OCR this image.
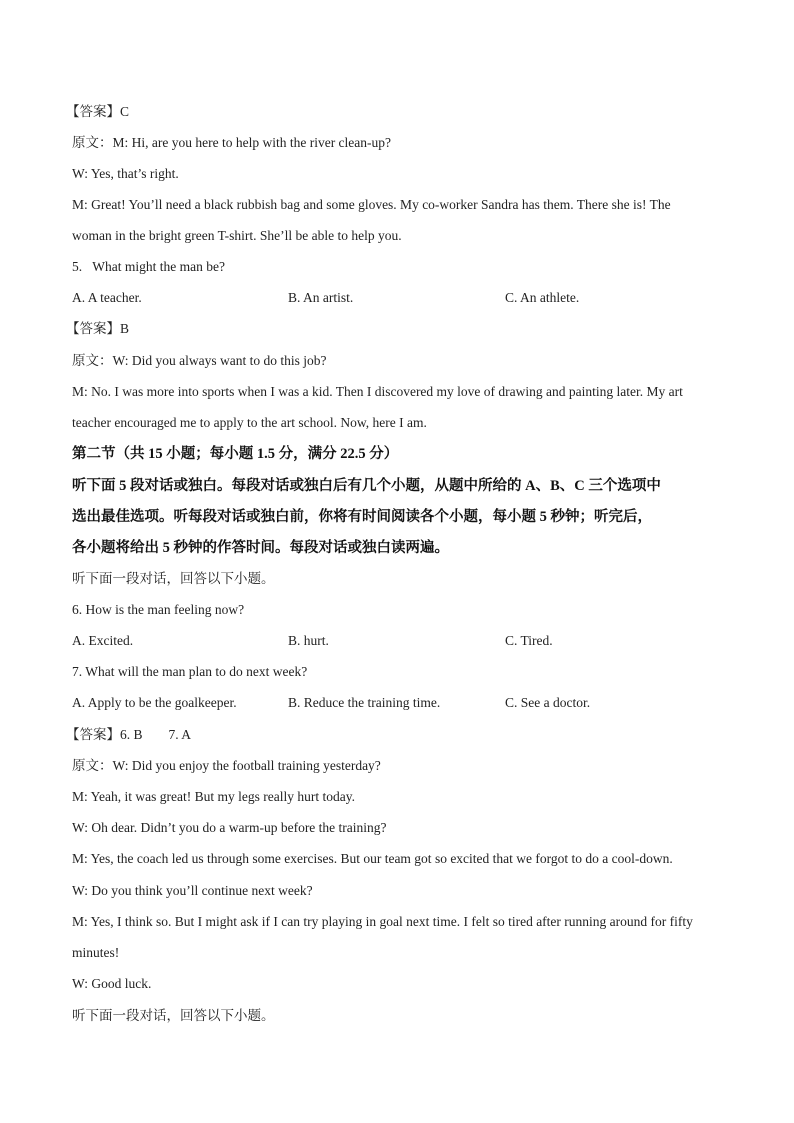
【答案】C
原文：M: Hi, are you here to help with the river clean-up?
W: Yes, that’s right.
M: Great! You’ll need a black rubbish bag and some gloves. My co-worker Sandra has them. There she is! The
woman in the bright green T-shirt. She’ll be able to help you.
5.   What might the man be?
A. A teacher.	B. An artist.	C. An athlete.
【答案】B
原文：W: Did you always want to do this job?
M: No. I was more into sports when I was a kid. Then I discovered my love of drawing and painting later. My art
teacher encouraged me to apply to the art school. Now, here I am.
第二节（共 15 小题；每小题 1.5 分，满分 22.5 分）
听下面 5 段对话或独白。每段对话或独白后有几个小题，从题中所给的 A、B、C 三个选项中
选出最佳选项。听每段对话或独白前，你将有时间阅读各个小题，每小题 5 秒钟；听完后，
各小题将给出 5 秒钟的作答时间。每段对话或独白读两遍。
听下面一段对话，回答以下小题。
6. How is the man feeling now?
A. Excited.	B. hurt.	C. Tired.
7. What will the man plan to do next week?
A. Apply to be the goalkeeper.	B. Reduce the training time.	C. See a doctor.
【答案】6. B 7. A
原文：W: Did you enjoy the football training yesterday?
M: Yeah, it was great! But my legs really hurt today.
W: Oh dear. Didn’t you do a warm-up before the training?
M: Yes, the coach led us through some exercises. But our team got so excited that we forgot to do a cool-down.
W: Do you think you’ll continue next week?
M: Yes, I think so. But I might ask if I can try playing in goal next time. I felt so tired after running around for fifty
minutes!
W: Good luck.
听下面一段对话，回答以下小题。
